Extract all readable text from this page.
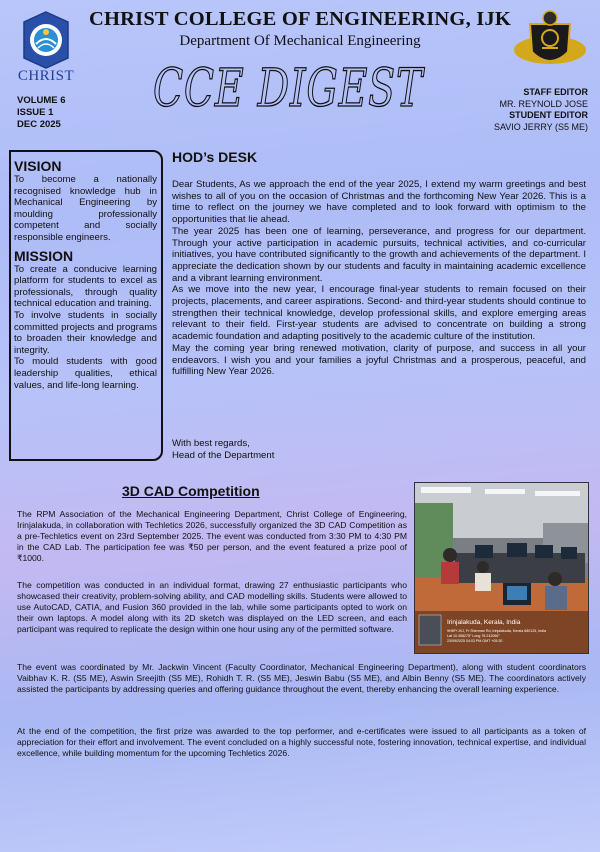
CHRIST
CHRIST COLLEGE OF ENGINEERING, IJK
Department Of Mechanical Engineering
CCE DIGEST
VOLUME 6
ISSUE 1
DEC 2025
STAFF EDITOR
MR. REYNOLD JOSE
STUDENT EDITOR
SAVIO JERRY (S5 ME)
VISION

To become a nationally recognised knowledge hub in Mechanical Engineering by moulding professionally competent and socially responsible engineers.

MISSION

To create a conducive learning platform for students to excel as professionals, through quality technical education and training.

To involve students in socially committed projects and programs to broaden their knowledge and integrity.

To mould students with good leadership qualities, ethical values, and life-long learning.

HOD’s DESK

Dear Students, As we approach the end of the year 2025, I extend my warm greetings and best wishes to all of you on the occasion of Christmas and the forthcoming New Year 2026. This is a time to reflect on the journey we have completed and to look forward with optimism to the opportunities that lie ahead.

The year 2025 has been one of learning, perseverance, and progress for our department. Through your active participation in academic pursuits, technical activities, and co-curricular initiatives, you have contributed significantly to the growth and achievements of the department. I appreciate the dedication shown by our students and faculty in maintaining academic excellence and a vibrant learning environment.

As we move into the new year, I encourage final-year students to remain focused on their projects, placements, and career aspirations. Second- and third-year students should continue to strengthen their technical knowledge, develop professional skills, and explore emerging areas relevant to their field. First-year students are advised to concentrate on building a strong academic foundation and adapting positively to the academic culture of the institution.

May the coming year bring renewed motivation, clarity of purpose, and success in all your endeavors. I wish you and your families a joyful Christmas and a prosperous, peaceful, and fulfilling New Year 2026.

With best regards,
Head of the Department
3D CAD Competition
Irinjalakuda, Kerala, India
9H6F+JXJ, Fr Sherman Rd, Irinjalakuda, Kerala 680125, India
Lat 10.358275° Long 76.212066°
23/09/2025 04:03 PM GMT +05:30

The RPM Association of the Mechanical Engineering Department, Christ College of Engineering, Irinjalakuda, in collaboration with Techletics 2026, successfully organized the 3D CAD Competition as a pre-Techletics event on 23rd September 2025. The event was conducted from 3:30 PM to 4:30 PM in the CAD Lab. The participation fee was ₹50 per person, and the event featured a prize pool of ₹1000.

The competition was conducted in an individual format, drawing 27 enthusiastic participants who showcased their creativity, problem-solving ability, and CAD modelling skills. Students were allowed to use AutoCAD, CATIA, and Fusion 360 provided in the lab, while some participants opted to work on their own laptops. A model along with its 2D sketch was displayed on the LED screen, and each participant was required to replicate the design within one hour using any of the permitted software.

The event was coordinated by Mr. Jackwin Vincent (Faculty Coordinator, Mechanical Engineering Department), along with student coordinators Vaibhav K. R. (S5 ME), Aswin Sreejith (S5 ME), Rohidh T. R. (S5 ME), Jeswin Babu (S5 ME), and Albin Benny (S5 ME). The coordinators actively assisted the participants by addressing queries and offering guidance throughout the event, thereby enhancing the overall learning experience.

At the end of the competition, the first prize was awarded to the top performer, and e-certificates were issued to all participants as a token of appreciation for their effort and involvement. The event concluded on a highly successful note, fostering innovation, technical expertise, and individual excellence, while building momentum for the upcoming Techletics 2026.
